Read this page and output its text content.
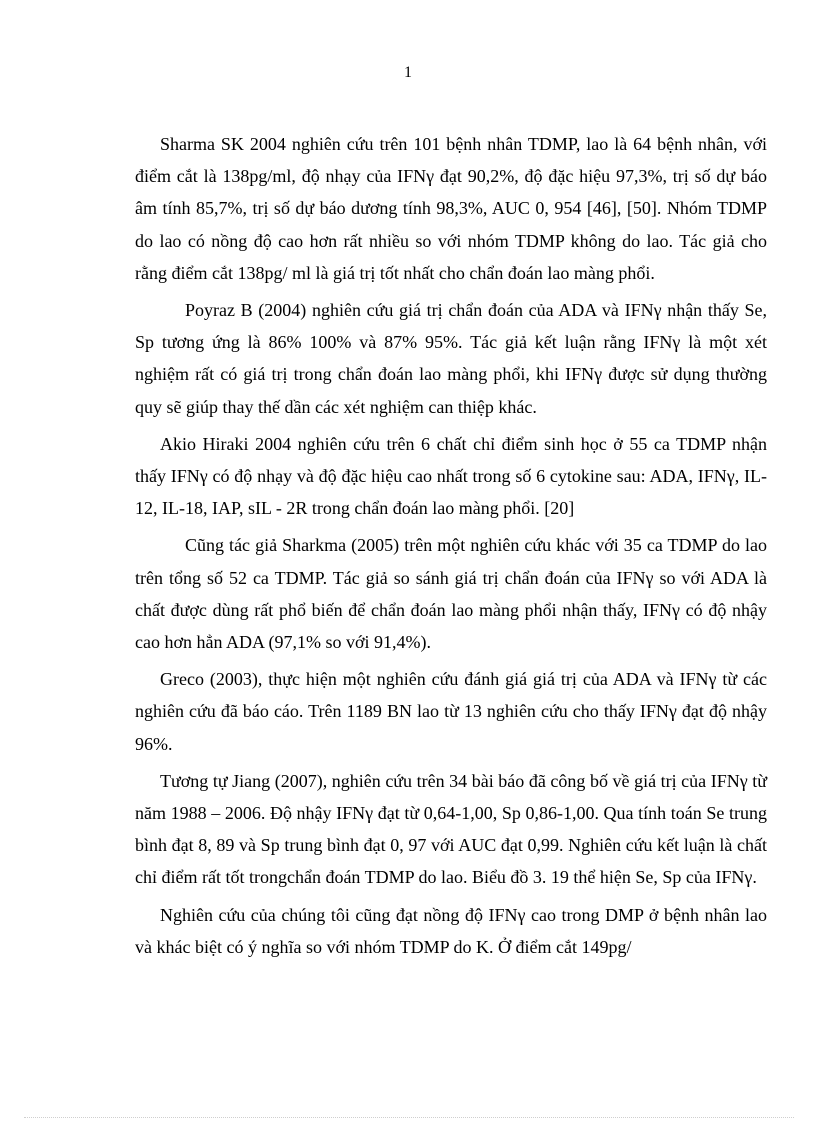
1

Sharma SK 2004 nghiên cứu trên 101 bệnh nhân TDMP, lao là 64 bệnh nhân, với điểm cắt là 138pg/ml, độ nhạy của IFNγ đạt 90,2%, độ đặc hiệu 97,3%, trị số dự báo âm tính 85,7%, trị số dự báo dương tính 98,3%, AUC 0, 954 [46], [50]. Nhóm TDMP do lao có nồng độ cao hơn rất nhiều so với nhóm TDMP không do lao. Tác giả cho rằng điểm cắt 138pg/ ml là giá trị tốt nhất cho chẩn đoán lao màng phổi.

Poyraz B (2004) nghiên cứu giá trị chẩn đoán của ADA và IFNγ nhận thấy Se, Sp tương ứng là 86% 100% và 87% 95%. Tác giả kết luận rằng IFNγ là một xét nghiệm rất có giá trị trong chẩn đoán lao màng phổi, khi IFNγ được sử dụng thường quy sẽ giúp thay thế dần các xét nghiệm can thiệp khác.

Akio Hiraki 2004 nghiên cứu trên 6 chất chỉ điểm sinh học ở 55 ca TDMP nhận thấy IFNγ có độ nhạy và độ đặc hiệu cao nhất trong số 6 cytokine sau: ADA, IFNγ, IL-12, IL-18, IAP, sIL - 2R trong chẩn đoán lao màng phổi. [20]

Cũng tác giả Sharkma (2005) trên một nghiên cứu khác với 35 ca TDMP do lao trên tổng số 52 ca TDMP. Tác giả so sánh giá trị chẩn đoán của IFNγ so với ADA là chất được dùng rất phổ biến để chẩn đoán lao màng phổi nhận thấy, IFNγ có độ nhậy cao hơn hẳn ADA (97,1% so với 91,4%).

Greco (2003), thực hiện một nghiên cứu đánh giá giá trị của ADA và IFNγ từ các nghiên cứu đã báo cáo. Trên 1189 BN lao từ 13 nghiên cứu cho thấy IFNγ đạt độ nhậy 96%.

Tương tự Jiang (2007), nghiên cứu trên 34 bài báo đã công bố về giá trị của IFNγ từ năm 1988 – 2006. Độ nhậy IFNγ đạt từ 0,64-1,00, Sp 0,86-1,00. Qua tính toán Se trung bình đạt 8, 89 và Sp trung bình đạt 0, 97 với AUC đạt 0,99. Nghiên cứu kết luận là chất chỉ điểm rất tốt trongchẩn đoán TDMP do lao. Biểu đồ 3. 19 thể hiện Se, Sp của IFNγ.

Nghiên cứu của chúng tôi cũng đạt nồng độ IFNγ cao trong DMP ở bệnh nhân lao và khác biệt có ý nghĩa so với nhóm TDMP do K. Ở điểm cắt 149pg/
